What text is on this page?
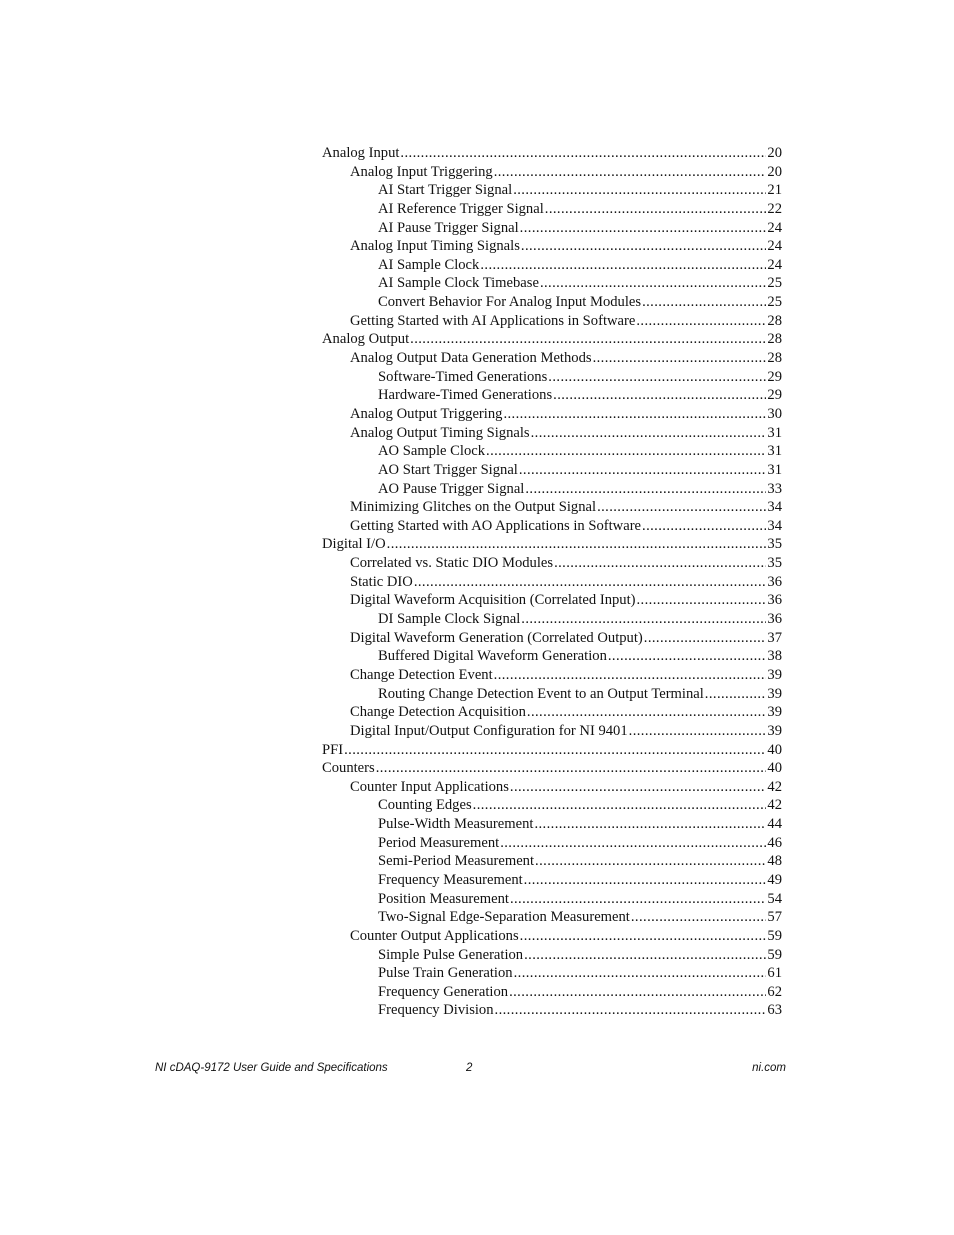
Analog Input .....	20
Analog Input Triggering .....	20
AI Start Trigger Signal .....	21
AI Reference Trigger Signal .....	22
AI Pause Trigger Signal .....	24
Analog Input Timing Signals .....	24
AI Sample Clock .....	24
AI Sample Clock Timebase .....	25
Convert Behavior For Analog Input Modules .....	25
Getting Started with AI Applications in Software .....	28
Analog Output .....	28
Analog Output Data Generation Methods .....	28
Software-Timed Generations .....	29
Hardware-Timed Generations .....	29
Analog Output Triggering .....	30
Analog Output Timing Signals .....	31
AO Sample Clock .....	31
AO Start Trigger Signal .....	31
AO Pause Trigger Signal .....	33
Minimizing Glitches on the Output Signal .....	34
Getting Started with AO Applications in Software .....	34
Digital I/O .....	35
Correlated vs. Static DIO Modules .....	35
Static DIO .....	36
Digital Waveform Acquisition (Correlated Input) .....	36
DI Sample Clock Signal .....	36
Digital Waveform Generation (Correlated Output) .....	37
Buffered Digital Waveform Generation .....	38
Change Detection Event .....	39
Routing Change Detection Event to an Output Terminal .....	39
Change Detection Acquisition .....	39
Digital Input/Output Configuration for NI 9401 .....	39
PFI .....	40
Counters .....	40
Counter Input Applications .....	42
Counting Edges .....	42
Pulse-Width Measurement .....	44
Period Measurement .....	46
Semi-Period Measurement .....	48
Frequency Measurement .....	49
Position Measurement .....	54
Two-Signal Edge-Separation Measurement .....	57
Counter Output Applications .....	59
Simple Pulse Generation .....	59
Pulse Train Generation .....	61
Frequency Generation .....	62
Frequency Division .....	63
NI cDAQ-9172 User Guide and Specifications	2	ni.com
